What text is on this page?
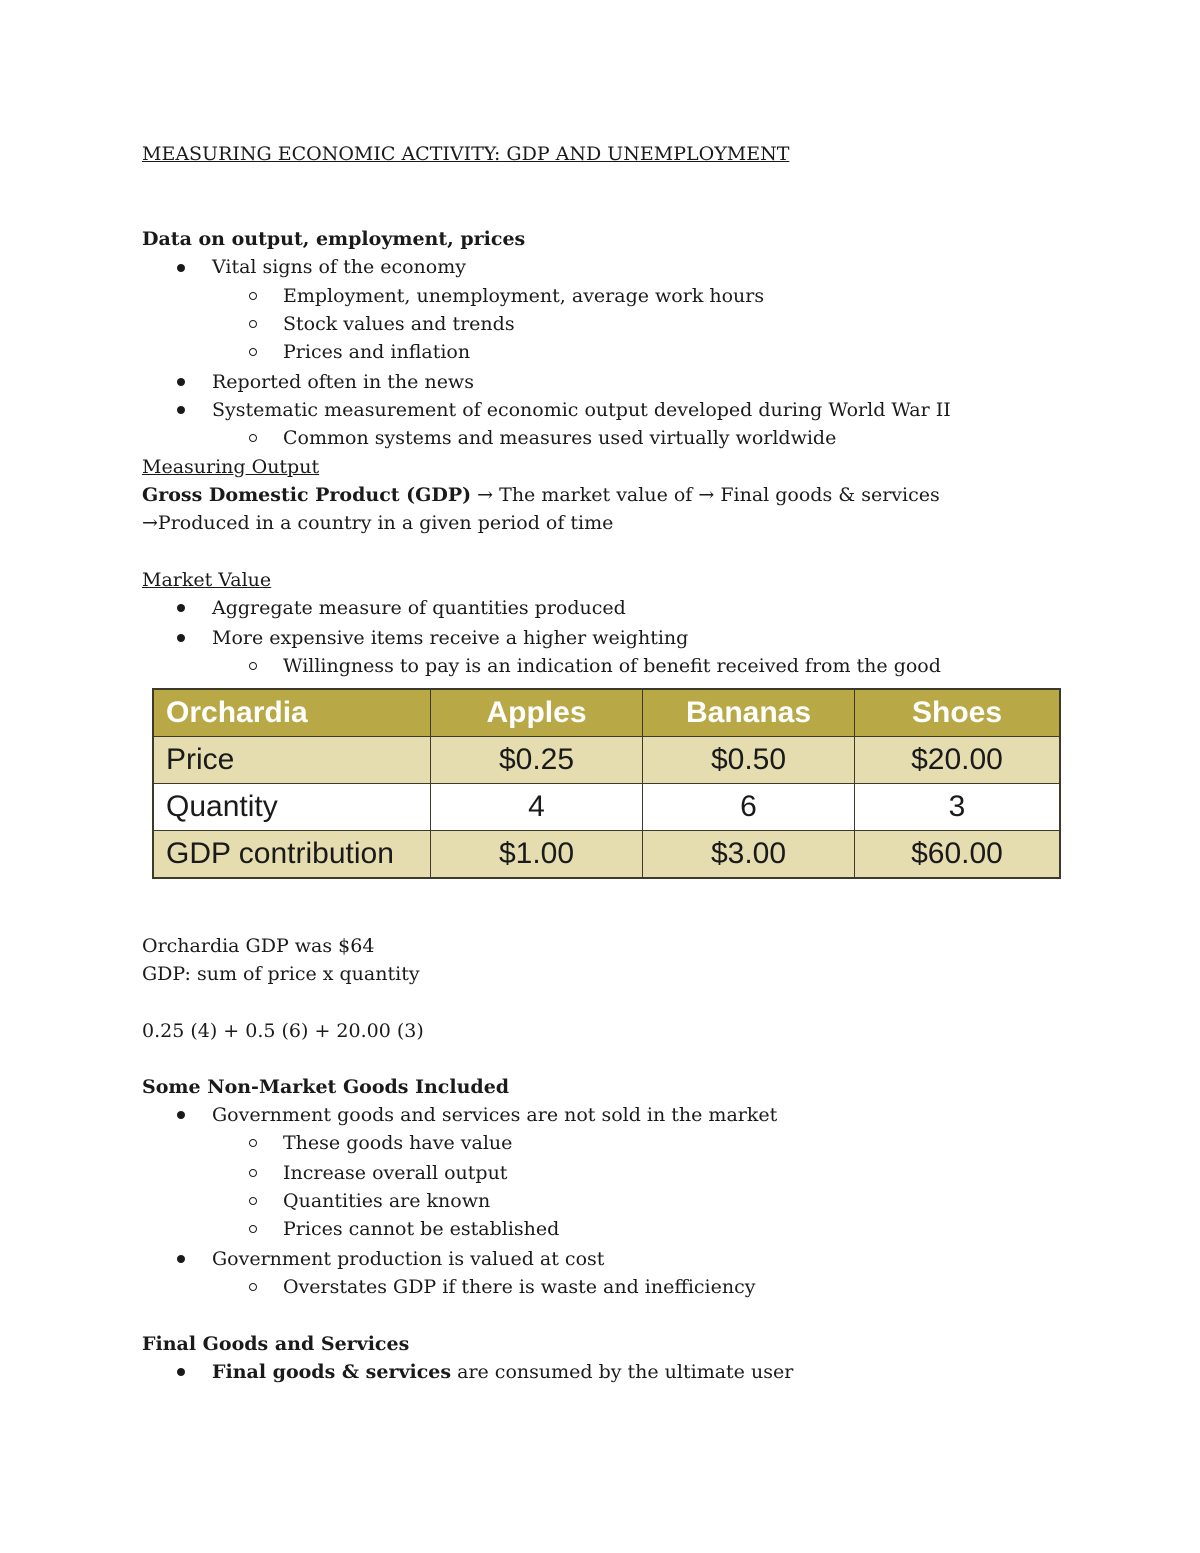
MEASURING ECONOMIC ACTIVITY: GDP AND UNEMPLOYMENT
Data on output, employment, prices
Vital signs of the economy
Employment, unemployment, average work hours
Stock values and trends
Prices and inflation
Reported often in the news
Systematic measurement of economic output developed during World War II
Common systems and measures used virtually worldwide
Measuring Output
Gross Domestic Product (GDP) → The market value of → Final goods & services
→Produced in a country in a given period of time
Market Value
Aggregate measure of quantities produced
More expensive items receive a higher weighting
Willingness to pay is an indication of benefit received from the good
Orchardia	Apples	Bananas	Shoes
Price	$0.25	$0.50	$20.00
Quantity	4	6	3
GDP contribution	$1.00	$3.00	$60.00
Orchardia GDP was $64
GDP: sum of price x quantity
0.25 (4) + 0.5 (6) + 20.00 (3)
Some Non-Market Goods Included
Government goods and services are not sold in the market
These goods have value
Increase overall output
Quantities are known
Prices cannot be established
Government production is valued at cost
Overstates GDP if there is waste and inefficiency
Final Goods and Services
Final goods & services are consumed by the ultimate user
